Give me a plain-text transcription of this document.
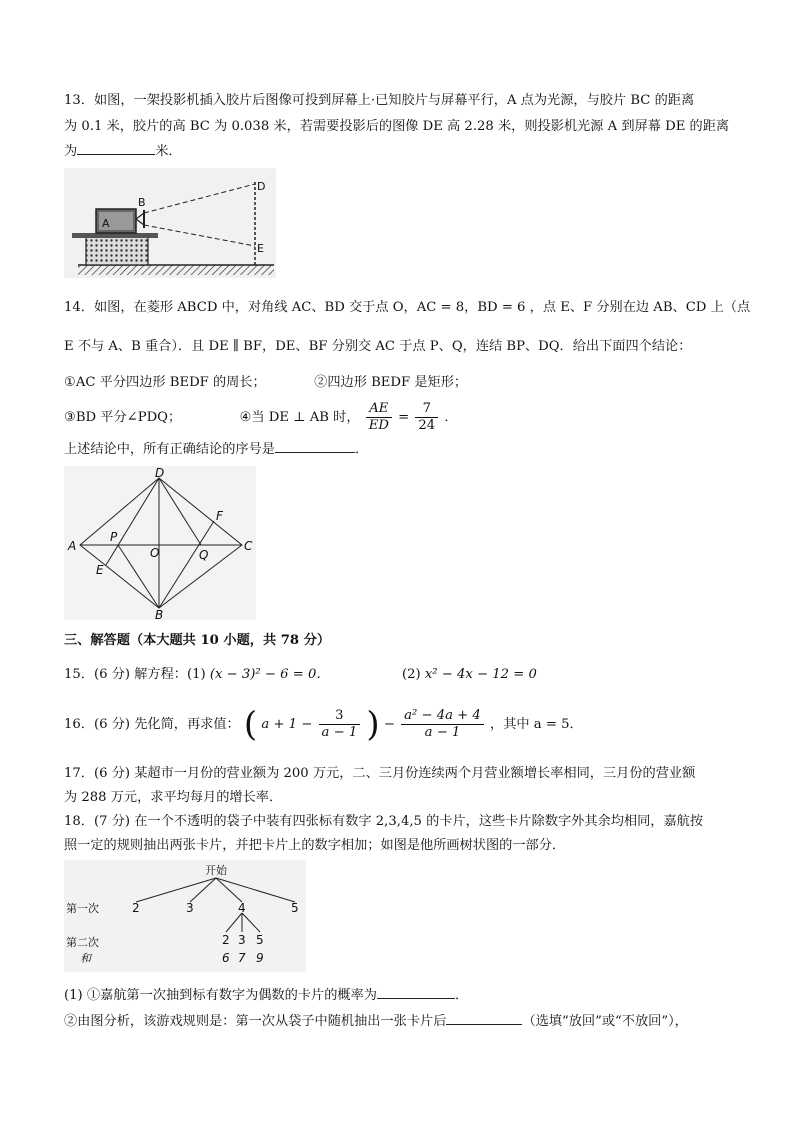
13．如图，一架投影机插入胶片后图像可投到屏幕上·已知胶片与屏幕平行，A 点为光源，与胶片 BC 的距离
为 0.1 米，胶片的高 BC 为 0.038 米，若需要投影后的图像 DE 高 2.28 米，则投影机光源 A 到屏幕 DE 的距离
为	米．
A
B
D
E
14．如图，在菱形 ABCD 中，对角线 AC、BD 交于点 O，AC = 8，BD = 6 ，点 E、F 分别在边 AB、CD 上（点
E 不与 A、B 重合）．且 DE ∥ BF，DE、BF 分别交 AC 于点 P、Q，连结 BP、DQ．给出下面四个结论：
①AC 平分四边形 BEDF 的周长；	②四边形 BEDF 是矩形；
③BD 平分∠PDQ；	④当 DE ⊥ AB 时， $\frac{AE}{ED} = \frac{7}{24}$ ．
上述结论中，所有正确结论的序号是	．
A
D
C
B
E
F
O
P
Q
三、解答题（本大题共 10 小题，共 78 分）
15．(6 分) 解方程：(1) (x − 3)² − 6 = 0．	(2) x² − 4x − 12 = 0
16．(6 分) 先化简，再求值： ( $a + 1 - \frac{3}{a - 1}$ ) − $\frac{\text{a² − 4a + 4}}{a - 1}$ ，其中 a = 5．
17．(6 分) 某超市一月份的营业额为 200 万元，二、三月份连续两个月营业额增长率相同，三月份的营业额
为 288 万元，求平均每月的增长率．
18．(7 分) 在一个不透明的袋子中装有四张标有数字 2,3,4,5 的卡片，这些卡片除数字外其余均相同，嘉航按
照一定的规则抽出两张卡片，并把卡片上的数字相加；如图是他所画树状图的一部分．
开始
第一次	2	3	4	5
第二次
和
2 3 5
6 7 9
(1) ①嘉航第一次抽到标有数字为偶数的卡片的概率为	．
②由图分析，该游戏规则是：第一次从袋子中随机抽出一张卡片后	（选填“放回”或“不放回”），
